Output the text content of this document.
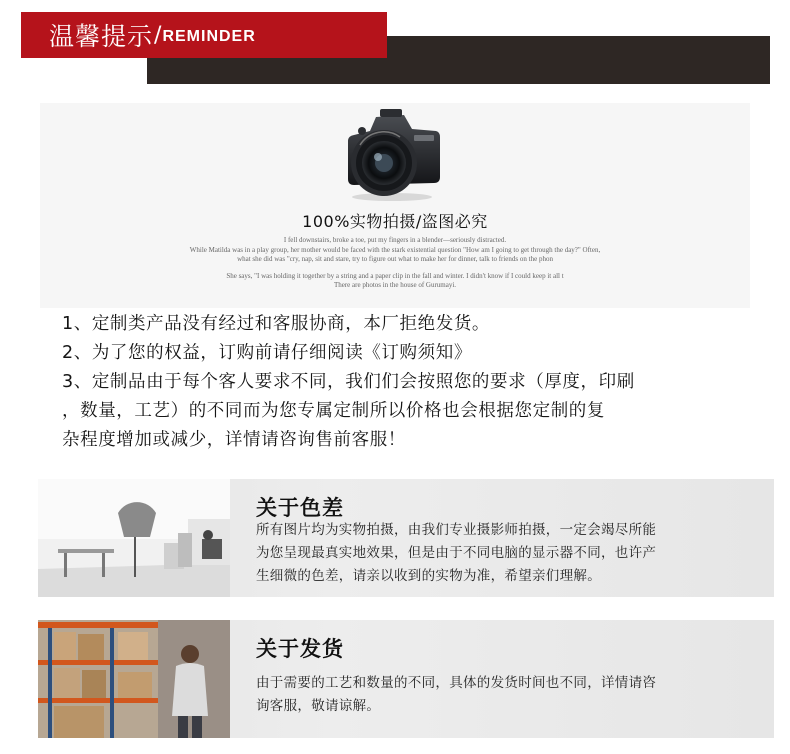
温馨提示 / REMINDER
100%实物拍摄/盗图必究
I fell downstairs, broke a toe, put my fingers in a blender—seriously distracted.
While Matilda was in a play group, her mother would be faced with the stark existential question "How am I going to get through the day?" Often,
what she did was "cry, nap, sit and stare, try to figure out what to make her for dinner, talk to friends on the phon
She says, "I was holding it together by a string and a paper clip in the fall and winter. I didn't know if I could keep it all t
There are photos in the house of Gurumayi.
1、定制类产品没有经过和客服协商，本厂拒绝发货。
2、为了您的权益，订购前请仔细阅读《订购须知》
3、定制品由于每个客人要求不同，我们们会按照您的要求（厚度，印刷
，数量，工艺）的不同而为您专属定制所以价格也会根据您定制的复
杂程度增加或减少，详情请咨询售前客服！
关于色差
所有图片均为实物拍摄，由我们专业摄影师拍摄，一定会竭尽所能
为您呈现最真实地效果，但是由于不同电脑的显示器不同，也许产
生细微的色差，请亲以收到的实物为准，希望亲们理解。
关于发货
由于需要的工艺和数量的不同，具体的发货时间也不同，详情请咨
询客服，敬请谅解。
